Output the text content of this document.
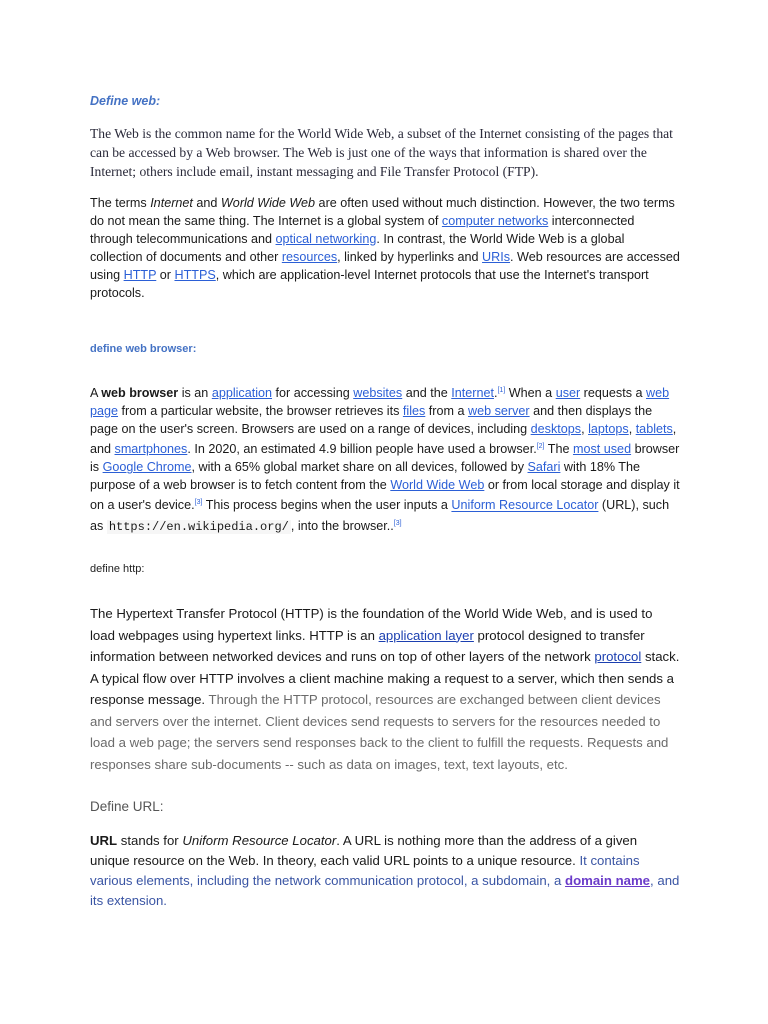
Define web:

The Web is the common name for the World Wide Web, a subset of the Internet consisting of the pages that can be accessed by a Web browser. The Web is just one of the ways that information is shared over the Internet; others include email, instant messaging and File Transfer Protocol (FTP).

The terms Internet and World Wide Web are often used without much distinction. However, the two terms do not mean the same thing. The Internet is a global system of computer networks interconnected through telecommunications and optical networking. In contrast, the World Wide Web is a global collection of documents and other resources, linked by hyperlinks and URIs. Web resources are accessed using HTTP or HTTPS, which are application-level Internet protocols that use the Internet's transport protocols.

define web browser:

A web browser is an application for accessing websites and the Internet.[1] When a user requests a web page from a particular website, the browser retrieves its files from a web server and then displays the page on the user's screen. Browsers are used on a range of devices, including desktops, laptops, tablets, and smartphones. In 2020, an estimated 4.9 billion people have used a browser.[2] The most used browser is Google Chrome, with a 65% global market share on all devices, followed by Safari with 18% The purpose of a web browser is to fetch content from the World Wide Web or from local storage and display it on a user's device.[3] This process begins when the user inputs a Uniform Resource Locator (URL), such as https://en.wikipedia.org/ , into the browser..[3]

define http:

The Hypertext Transfer Protocol (HTTP) is the foundation of the World Wide Web, and is used to load webpages using hypertext links. HTTP is an application layer protocol designed to transfer information between networked devices and runs on top of other layers of the network protocol stack. A typical flow over HTTP involves a client machine making a request to a server, which then sends a response message. Through the HTTP protocol, resources are exchanged between client devices and servers over the internet. Client devices send requests to servers for the resources needed to load a web page; the servers send responses back to the client to fulfill the requests. Requests and responses share sub-documents -- such as data on images, text, text layouts, etc.

Define URL:

URL stands for Uniform Resource Locator. A URL is nothing more than the address of a given unique resource on the Web. In theory, each valid URL points to a unique resource. It contains various elements, including the network communication protocol, a subdomain, a domain name, and its extension.
